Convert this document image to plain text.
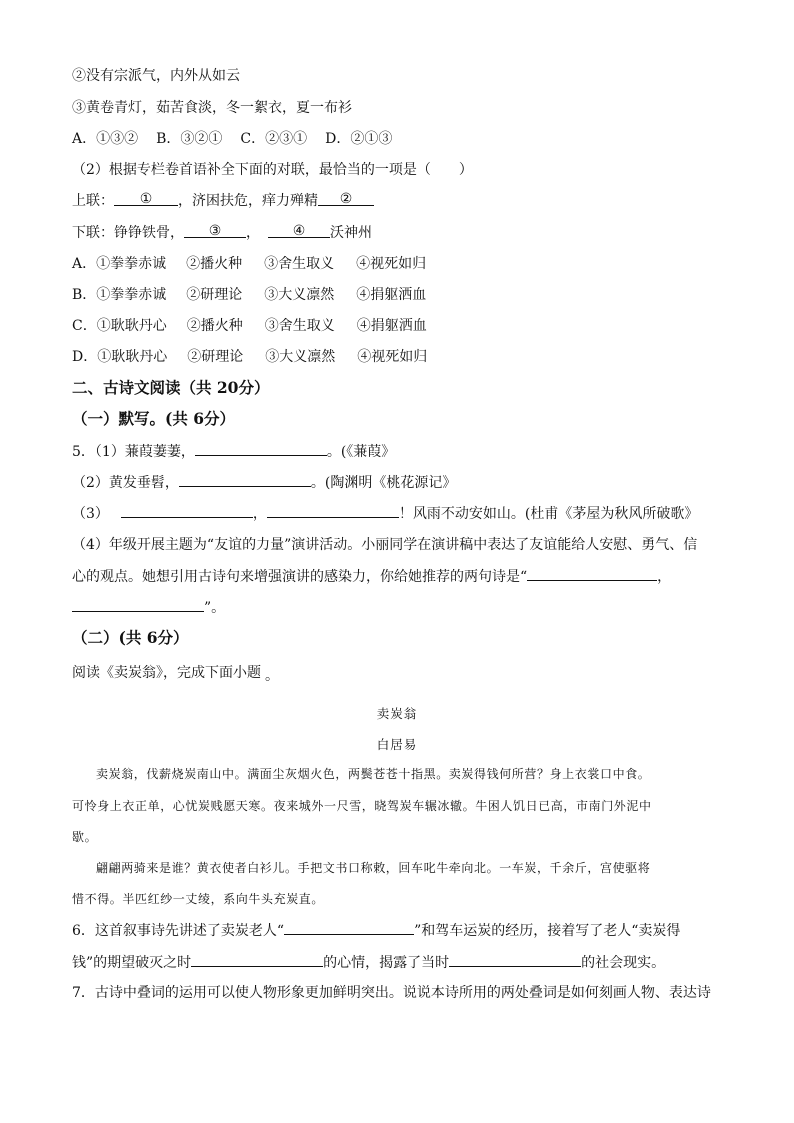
②没有宗派气，内外从如云
③黄卷青灯，茹苦食淡，冬一絮衣，夏一布衫
A．①③② B．③②① C．②③① D．②①③
（2）根据专栏卷首语补全下面的对联，最恰当的一项是（　　）
上联： ① ，济困扶危，痒力殚精 ②
下联：铮铮铁骨， ③ ， ④ 沃神州
A．①拳拳赤诚 ②播火种 ③舍生取义 ④视死如归
B．①拳拳赤诚 ②研理论 ③大义凛然 ④捐躯洒血
C．①耿耿丹心 ②播火种 ③舍生取义 ④捐躯洒血
D．①耿耿丹心 ②研理论 ③大义凛然 ④视死如归
二、古诗文阅读（共 20分）
（一）默写。(共 6分）
5．（1）蒹葭萋萋，	。(《蒹葭》
（2）黄发垂髫，	。(陶渊明《桃花源记》
（3）	，	！风雨不动安如山。(杜甫《茅屋为秋风所破歌》
（4）年级开展主题为“友谊的力量”演讲活动。小丽同学在演讲稿中表达了友谊能给人安慰、勇气、信
心的观点。她想引用古诗句来增强演讲的感染力，你给她推荐的两句诗是“	，
”。
（二）(共 6分）
阅读《卖炭翁》，完成下面小题 。
卖炭翁
白居易
卖炭翁，伐薪烧炭南山中。满面尘灰烟火色，两鬓苍苍十指黑。卖炭得钱何所营？身上衣裳口中食。
可怜身上衣正单，心忧炭贱愿天寒。夜来城外一尺雪，晓驾炭车辗冰辙。牛困人饥日已高，市南门外泥中
歇。
翩翩两骑来是谁？黄衣使者白衫儿。手把文书口称敕，回车叱牛牵向北。一车炭，千余斤，宫使驱将
惜不得。半匹红纱一丈绫，系向牛头充炭直。
6．这首叙事诗先讲述了卖炭老人“	”和驾车运炭的经历，接着写了老人“卖炭得
钱”的期望破灭之时	的心情，揭露了当时	的社会现实。
7．古诗中叠词的运用可以使人物形象更加鲜明突出。说说本诗所用的两处叠词是如何刻画人物、表达诗
